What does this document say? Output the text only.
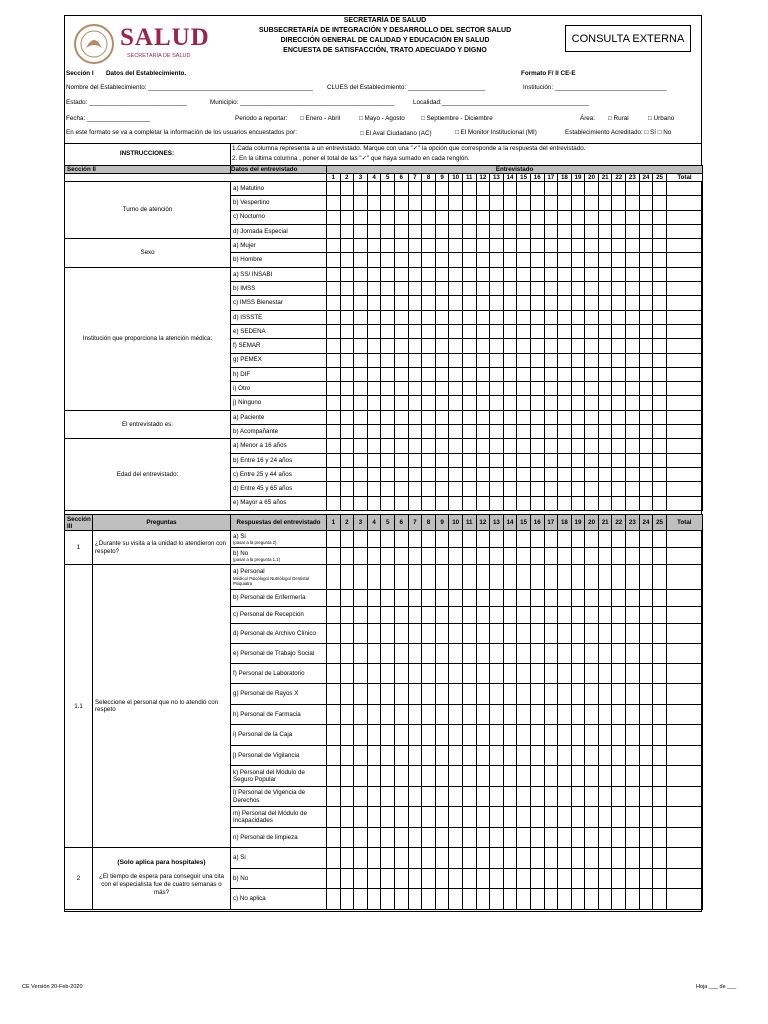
SALUD
SECRETARÍA DE SALUD
SECRETARÍA DE SALUD
SUBSECRETARÍA DE INTEGRACIÓN Y DESARROLLO DEL SECTOR SALUD
DIRECCIÓN GENERAL DE CALIDAD Y EDUCACIÓN EN SALUD
ENCUESTA DE SATISFACCIÓN, TRATO ADECUADO Y DIGNO
CONSULTA EXTERNA
Sección I Datos del Establecimiento.	Formato F/ II CE-E
Nombre del Establecimiento: _______________________________________________ CLUES del Establecimiento: ______________________	Institución: ________________________________
Estado: ____________________________	Municipio: ____________________________________________	Localidad:__________________________________________
Fecha: __________________	Periodo a reportar: □ Enero - Abril	□ Mayo - Agosto	□ Septiembre - Diciembre	Área: □ Rural	□ Urbano
En este formato se va a completar la información de los usuarios encuestados por:	□ El Aval Ciudadano (AC)	□ El Monitor Institucional (MI)	Establecimiento Acreditado: □ Sí □ No
INSTRUCCIONES:
1.Cada columna representa a un entrevistado. Marque con una "✓" la opción que corresponde a la respuesta del entrevistado.
2. En la última columna , poner el total de las "✓" que haya sumado en cada renglón.
Sección II	Datos del entrevistado	Entrevistado																									
		1	2	3	4	5	6	7	8	9	10	11	12	13	14	15	16	17	18	19	20	21	22	23	24	25	Total
Turno de atención	a) Matutino																										
	b) Vespertino																										
	c) Nocturno																										
	d) Jornada Especial																										
Sexo	a) Mujer																										
	b) Hombre																										
Institución que proporciona la atención médica:	a) SS/ INSABI																										
	b) IMSS																										
	c) IMSS Bienestar																										
	d) ISSSTE																										
	e) SEDENA																										
	f) SEMAR																										
	g) PEMEX																										
	h) DIF																										
	i) Otro																										
	j) Ninguno																										
El entrevistado es:	a) Paciente																										
	b) Acompañante																										
Edad del entrevistado:	a) Menor a 16 años																										
	b) Entre 16 y 24 años																										
	c) Entre 25 y 44 años																										
	d) Entre 45 y 65 años																										
	e) Mayor a 65 años																										
Sección III	Preguntas	Respuestas del entrevistado	1	2	3	4	5	6	7	8	9	10	11	12	13	14	15	16	17	18	19	20	21	22	23	24	25	Total
1	¿Durante su visita a la unidad lo atendieron con respeto?	a) Si
(pasar a la pregunta 2)																										

		b) No
(pasar a la pregunta 1.1)																										

1.1	Seleccione el personal que no lo atendió con respeto	a) Personal
Médico/ Psicólogo/ Nutriólogo/ Dentista/ Psiquiatra																										

		b) Personal de Enfermería																										
		c) Personal de Recepción																										
		d) Personal de Archivo Clínico																										
		e) Personal de Trabajo Social																										
		f) Personal de Laboratorio																										
		g) Personal de Rayos X																										
		h) Personal de Farmacia																										
		i) Personal de la Caja																										
		j) Personal de Vigilancia																										
		k) Personal del Módulo de Seguro Popular																										
		l) Personal de Vigencia de Derechos																										
		m) Personal del Módulo de Incapacidades																										
		n) Personal de limpieza																										
2	(Solo aplica para hospitales)
¿El tiempo de espera para conseguir una cita con el especialista fue de cuatro semanas o más?	a) Si																										
		b) No																										
		c) No aplica																										
CE Versión 20-Feb-2020	Hoja ___ de ___
